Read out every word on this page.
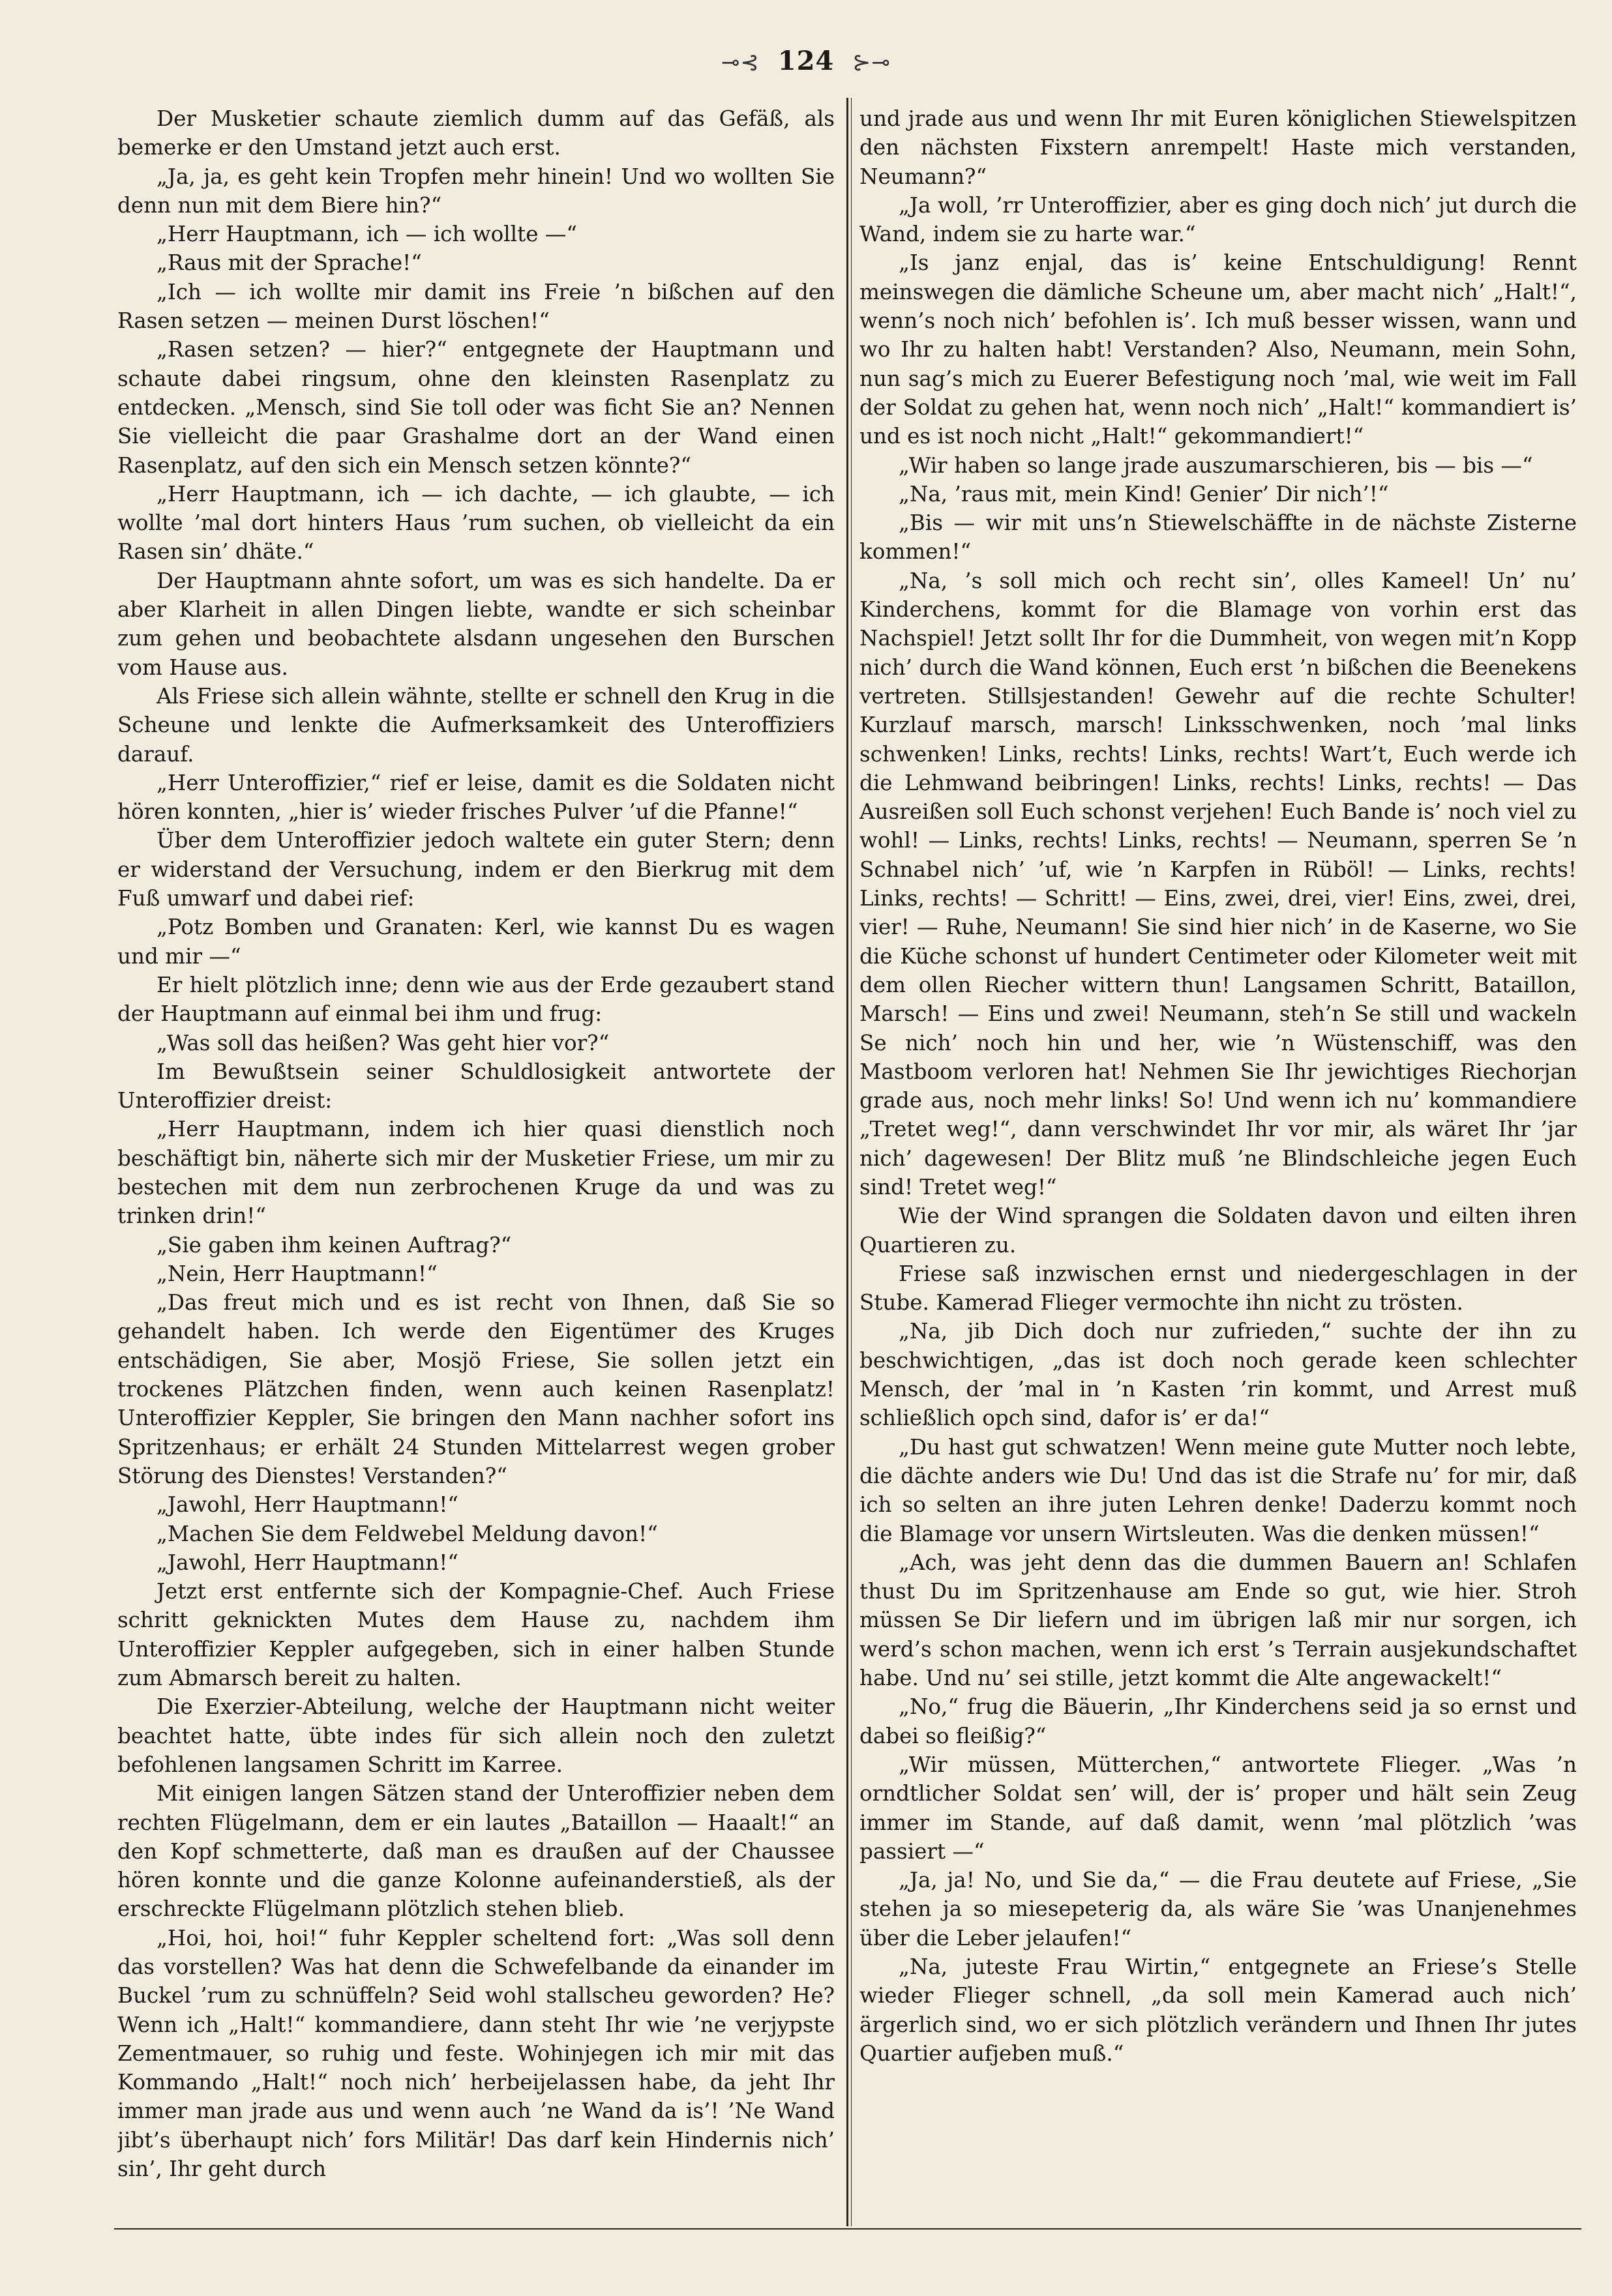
⊸⊰ 124 ⊱⊸

Der Musketier schaute ziemlich dumm auf das Gefäß, als bemerke er den Umstand jetzt auch erst.

„Ja, ja, es geht kein Tropfen mehr hinein! Und wo wollten Sie denn nun mit dem Biere hin?“

„Herr Hauptmann, ich — ich wollte —“

„Raus mit der Sprache!“

„Ich — ich wollte mir damit ins Freie ’n bißchen auf den Rasen setzen — meinen Durst löschen!“

„Rasen setzen? — hier?“ entgegnete der Hauptmann und schaute dabei ringsum, ohne den kleinsten Rasenplatz zu entdecken. „Mensch, sind Sie toll oder was ficht Sie an? Nennen Sie vielleicht die paar Grashalme dort an der Wand einen Rasenplatz, auf den sich ein Mensch setzen könnte?“

„Herr Hauptmann, ich — ich dachte, — ich glaubte, — ich wollte ’mal dort hinters Haus ’rum suchen, ob vielleicht da ein Rasen sin’ dhäte.“

Der Hauptmann ahnte sofort, um was es sich handelte. Da er aber Klarheit in allen Dingen liebte, wandte er sich scheinbar zum gehen und beobachtete alsdann ungesehen den Burschen vom Hause aus.

Als Friese sich allein wähnte, stellte er schnell den Krug in die Scheune und lenkte die Aufmerksamkeit des Unteroffiziers darauf.

„Herr Unteroffizier,“ rief er leise, damit es die Soldaten nicht hören konnten, „hier is’ wieder frisches Pulver ’uf die Pfanne!“

Über dem Unteroffizier jedoch waltete ein guter Stern; denn er widerstand der Versuchung, indem er den Bierkrug mit dem Fuß umwarf und dabei rief:

„Potz Bomben und Granaten: Kerl, wie kannst Du es wagen und mir —“

Er hielt plötzlich inne; denn wie aus der Erde gezaubert stand der Hauptmann auf einmal bei ihm und frug:

„Was soll das heißen? Was geht hier vor?“

Im Bewußtsein seiner Schuldlosigkeit antwortete der Unteroffizier dreist:

„Herr Hauptmann, indem ich hier quasi dienstlich noch beschäftigt bin, näherte sich mir der Musketier Friese, um mir zu bestechen mit dem nun zerbrochenen Kruge da und was zu trinken drin!“

„Sie gaben ihm keinen Auftrag?“

„Nein, Herr Hauptmann!“

„Das freut mich und es ist recht von Ihnen, daß Sie so gehandelt haben. Ich werde den Eigentümer des Kruges entschädigen, Sie aber, Mosjö Friese, Sie sollen jetzt ein trockenes Plätzchen finden, wenn auch keinen Rasenplatz! Unteroffizier Keppler, Sie bringen den Mann nachher sofort ins Spritzenhaus; er erhält 24 Stunden Mittelarrest wegen grober Störung des Dienstes! Verstanden?“

„Jawohl, Herr Hauptmann!“

„Machen Sie dem Feldwebel Meldung davon!“

„Jawohl, Herr Hauptmann!“

Jetzt erst entfernte sich der Kompagnie-Chef. Auch Friese schritt geknickten Mutes dem Hause zu, nachdem ihm Unteroffizier Keppler aufgegeben, sich in einer halben Stunde zum Abmarsch bereit zu halten.

Die Exerzier-Abteilung, welche der Hauptmann nicht weiter beachtet hatte, übte indes für sich allein noch den zuletzt befohlenen langsamen Schritt im Karree.

Mit einigen langen Sätzen stand der Unteroffizier neben dem rechten Flügelmann, dem er ein lautes „Bataillon — Haaalt!“ an den Kopf schmetterte, daß man es draußen auf der Chaussee hören konnte und die ganze Kolonne aufeinanderstieß, als der erschreckte Flügelmann plötzlich stehen blieb.

„Hoi, hoi, hoi!“ fuhr Keppler scheltend fort: „Was soll denn das vorstellen? Was hat denn die Schwefelbande da einander im Buckel ’rum zu schnüffeln? Seid wohl stallscheu geworden? He? Wenn ich „Halt!“ kommandiere, dann steht Ihr wie ’ne verjypste Zementmauer, so ruhig und feste. Wohinjegen ich mir mit das Kommando „Halt!“ noch nich’ herbeijelassen habe, da jeht Ihr immer man jrade aus und wenn auch ’ne Wand da is’! ’Ne Wand jibt’s überhaupt nich’ fors Militär! Das darf kein Hindernis nich’ sin’, Ihr geht durch

und jrade aus und wenn Ihr mit Euren königlichen Stiewelspitzen den nächsten Fixstern anrempelt! Haste mich verstanden, Neumann?“

„Ja woll, ’rr Unteroffizier, aber es ging doch nich’ jut durch die Wand, indem sie zu harte war.“

„Is janz enjal, das is’ keine Entschuldigung! Rennt meinswegen die dämliche Scheune um, aber macht nich’ „Halt!“, wenn’s noch nich’ befohlen is’. Ich muß besser wissen, wann und wo Ihr zu halten habt! Verstanden? Also, Neumann, mein Sohn, nun sag’s mich zu Euerer Befestigung noch ’mal, wie weit im Fall der Soldat zu gehen hat, wenn noch nich’ „Halt!“ kommandiert is’ und es ist noch nicht „Halt!“ gekommandiert!“

„Wir haben so lange jrade auszumarschieren, bis — bis —“

„Na, ’raus mit, mein Kind! Genier’ Dir nich’!“

„Bis — wir mit uns’n Stiewelschäffte in de nächste Zisterne kommen!“

„Na, ’s soll mich och recht sin’, olles Kameel! Un’ nu’ Kinderchens, kommt for die Blamage von vorhin erst das Nachspiel! Jetzt sollt Ihr for die Dummheit, von wegen mit’n Kopp nich’ durch die Wand können, Euch erst ’n bißchen die Beenekens vertreten. Stillsjestanden! Gewehr auf die rechte Schulter! Kurzlauf marsch, marsch! Linksschwenken, noch ’mal links schwenken! Links, rechts! Links, rechts! Wart’t, Euch werde ich die Lehmwand beibringen! Links, rechts! Links, rechts! — Das Ausreißen soll Euch schonst verjehen! Euch Bande is’ noch viel zu wohl! — Links, rechts! Links, rechts! — Neumann, sperren Se ’n Schnabel nich’ ’uf, wie ’n Karpfen in Rüböl! — Links, rechts! Links, rechts! — Schritt! — Eins, zwei, drei, vier! Eins, zwei, drei, vier! — Ruhe, Neumann! Sie sind hier nich’ in de Kaserne, wo Sie die Küche schonst uf hundert Centimeter oder Kilometer weit mit dem ollen Riecher wittern thun! Langsamen Schritt, Bataillon, Marsch! — Eins und zwei! Neumann, steh’n Se still und wackeln Se nich’ noch hin und her, wie ’n Wüstenschiff, was den Mastboom verloren hat! Nehmen Sie Ihr jewichtiges Riechorjan grade aus, noch mehr links! So! Und wenn ich nu’ kommandiere „Tretet weg!“, dann verschwindet Ihr vor mir, als wäret Ihr ’jar nich’ dagewesen! Der Blitz muß ’ne Blindschleiche jegen Euch sind! Tretet weg!“

Wie der Wind sprangen die Soldaten davon und eilten ihren Quartieren zu.

Friese saß inzwischen ernst und niedergeschlagen in der Stube. Kamerad Flieger vermochte ihn nicht zu trösten.

„Na, jib Dich doch nur zufrieden,“ suchte der ihn zu beschwichtigen, „das ist doch noch gerade keen schlechter Mensch, der ’mal in ’n Kasten ’rin kommt, und Arrest muß schließlich opch sind, dafor is’ er da!“

„Du hast gut schwatzen! Wenn meine gute Mutter noch lebte, die dächte anders wie Du! Und das ist die Strafe nu’ for mir, daß ich so selten an ihre juten Lehren denke! Daderzu kommt noch die Blamage vor unsern Wirtsleuten. Was die denken müssen!“

„Ach, was jeht denn das die dummen Bauern an! Schlafen thust Du im Spritzenhause am Ende so gut, wie hier. Stroh müssen Se Dir liefern und im übrigen laß mir nur sorgen, ich werd’s schon machen, wenn ich erst ’s Terrain ausjekundschaftet habe. Und nu’ sei stille, jetzt kommt die Alte angewackelt!“

„No,“ frug die Bäuerin, „Ihr Kinderchens seid ja so ernst und dabei so fleißig?“

„Wir müssen, Mütterchen,“ antwortete Flieger. „Was ’n orndtlicher Soldat sen’ will, der is’ proper und hält sein Zeug immer im Stande, auf daß damit, wenn ’mal plötzlich ’was passiert —“

„Ja, ja! No, und Sie da,“ — die Frau deutete auf Friese, „Sie stehen ja so miesepeterig da, als wäre Sie ’was Unanjenehmes über die Leber jelaufen!“

„Na, juteste Frau Wirtin,“ entgegnete an Friese’s Stelle wieder Flieger schnell, „da soll mein Kamerad auch nich’ ärgerlich sind, wo er sich plötzlich verändern und Ihnen Ihr jutes Quartier aufjeben muß.“
